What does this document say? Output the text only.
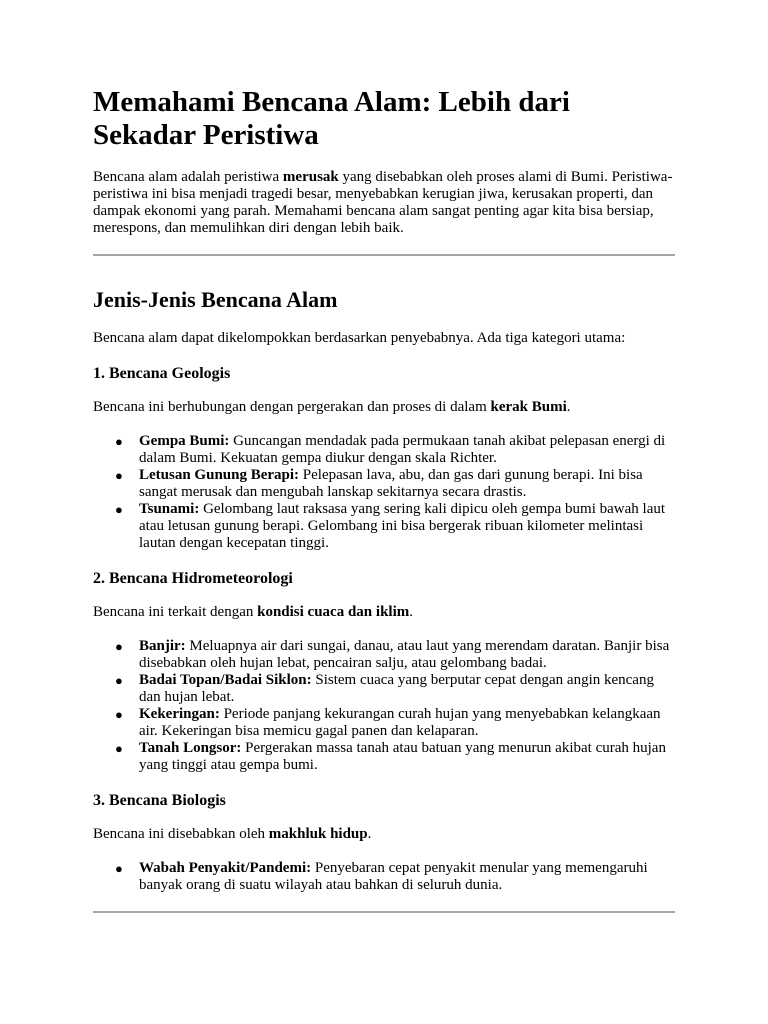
Memahami Bencana Alam: Lebih dari Sekadar Peristiwa

Bencana alam adalah peristiwa merusak yang disebabkan oleh proses alami di Bumi. Peristiwa-peristiwa ini bisa menjadi tragedi besar, menyebabkan kerugian jiwa, kerusakan properti, dan dampak ekonomi yang parah. Memahami bencana alam sangat penting agar kita bisa bersiap, merespons, dan memulihkan diri dengan lebih baik.

Jenis-Jenis Bencana Alam

Bencana alam dapat dikelompokkan berdasarkan penyebabnya. Ada tiga kategori utama:

1. Bencana Geologis

Bencana ini berhubungan dengan pergerakan dan proses di dalam kerak Bumi.

● Gempa Bumi: Guncangan mendadak pada permukaan tanah akibat pelepasan energi di dalam Bumi. Kekuatan gempa diukur dengan skala Richter.
● Letusan Gunung Berapi: Pelepasan lava, abu, dan gas dari gunung berapi. Ini bisa sangat merusak dan mengubah lanskap sekitarnya secara drastis.
● Tsunami: Gelombang laut raksasa yang sering kali dipicu oleh gempa bumi bawah laut atau letusan gunung berapi. Gelombang ini bisa bergerak ribuan kilometer melintasi lautan dengan kecepatan tinggi.
2. Bencana Hidrometeorologi

Bencana ini terkait dengan kondisi cuaca dan iklim.

● Banjir: Meluapnya air dari sungai, danau, atau laut yang merendam daratan. Banjir bisa disebabkan oleh hujan lebat, pencairan salju, atau gelombang badai.
● Badai Topan/Badai Siklon: Sistem cuaca yang berputar cepat dengan angin kencang dan hujan lebat.
● Kekeringan: Periode panjang kekurangan curah hujan yang menyebabkan kelangkaan air. Kekeringan bisa memicu gagal panen dan kelaparan.
● Tanah Longsor: Pergerakan massa tanah atau batuan yang menurun akibat curah hujan yang tinggi atau gempa bumi.
3. Bencana Biologis

Bencana ini disebabkan oleh makhluk hidup.

● Wabah Penyakit/Pandemi: Penyebaran cepat penyakit menular yang memengaruhi banyak orang di suatu wilayah atau bahkan di seluruh dunia.
